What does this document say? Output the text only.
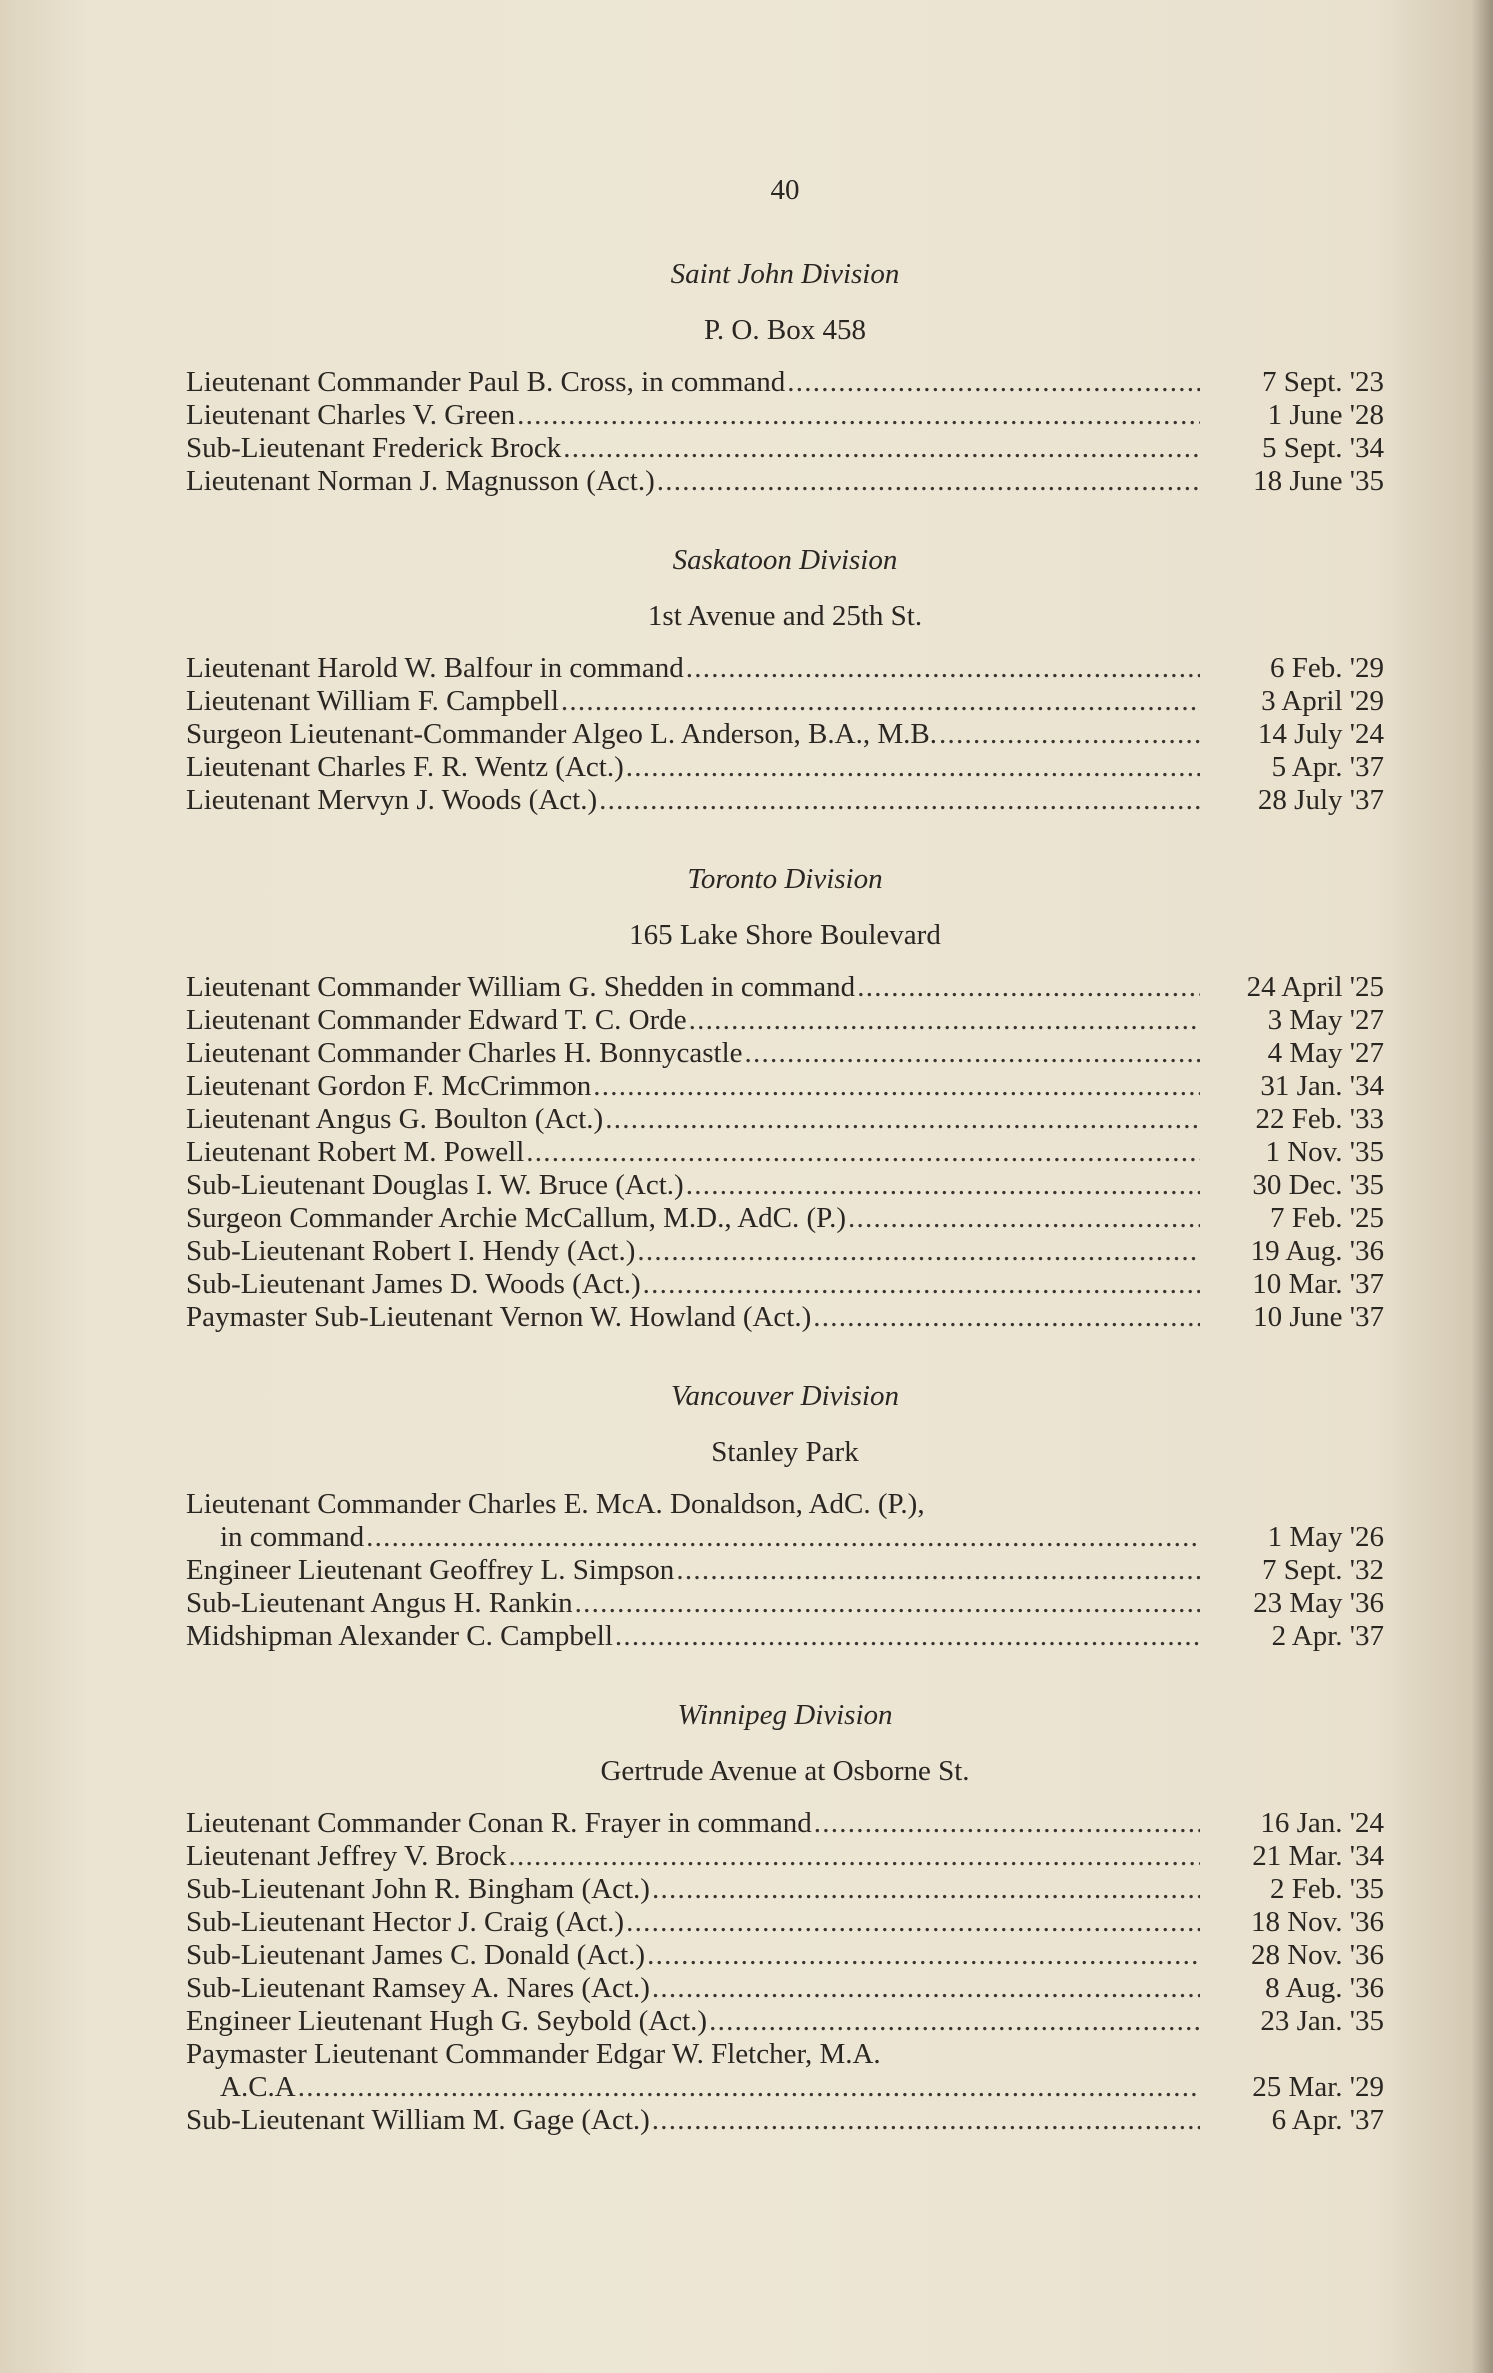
40
Saint John Division
P. O. Box 458
Lieutenant Commander Paul B. Cross, in command . . .	7 Sept. '23
Lieutenant Charles V. Green . . .	1 June '28
Sub-Lieutenant Frederick Brock . . .	5 Sept. '34
Lieutenant Norman J. Magnusson (Act.) . . .	18 June '35
Saskatoon Division
1st Avenue and 25th St.
Lieutenant Harold W. Balfour in command . . .	6 Feb. '29
Lieutenant William F. Campbell . . .	3 April '29
Surgeon Lieutenant-Commander Algeo L. Anderson, B.A., M.B. . . .	14 July '24
Lieutenant Charles F. R. Wentz (Act.) . . .	5 Apr. '37
Lieutenant Mervyn J. Woods (Act.) . . .	28 July '37
Toronto Division
165 Lake Shore Boulevard
Lieutenant Commander William G. Shedden in command . . .	24 April '25
Lieutenant Commander Edward T. C. Orde . . .	3 May '27
Lieutenant Commander Charles H. Bonnycastle . . .	4 May '27
Lieutenant Gordon F. McCrimmon . . .	31 Jan. '34
Lieutenant Angus G. Boulton (Act.) . . .	22 Feb. '33
Lieutenant Robert M. Powell . . .	1 Nov. '35
Sub-Lieutenant Douglas I. W. Bruce (Act.) . . .	30 Dec. '35
Surgeon Commander Archie McCallum, M.D., AdC. (P.) . . .	7 Feb. '25
Sub-Lieutenant Robert I. Hendy (Act.) . . .	19 Aug. '36
Sub-Lieutenant James D. Woods (Act.) . . .	10 Mar. '37
Paymaster Sub-Lieutenant Vernon W. Howland (Act.) . . .	10 June '37
Vancouver Division
Stanley Park
Lieutenant Commander Charles E. McA. Donaldson, AdC. (P.),
in command . . .	1 May '26
Engineer Lieutenant Geoffrey L. Simpson . . .	7 Sept. '32
Sub-Lieutenant Angus H. Rankin . . .	23 May '36
Midshipman Alexander C. Campbell . . .	2 Apr. '37
Winnipeg Division
Gertrude Avenue at Osborne St.
Lieutenant Commander Conan R. Frayer in command . . .	16 Jan. '24
Lieutenant Jeffrey V. Brock . . .	21 Mar. '34
Sub-Lieutenant John R. Bingham (Act.) . . .	2 Feb. '35
Sub-Lieutenant Hector J. Craig (Act.) . . .	18 Nov. '36
Sub-Lieutenant James C. Donald (Act.) . . .	28 Nov. '36
Sub-Lieutenant Ramsey A. Nares (Act.) . . .	8 Aug. '36
Engineer Lieutenant Hugh G. Seybold (Act.) . . .	23 Jan. '35
Paymaster Lieutenant Commander Edgar W. Fletcher, M.A.
A.C.A . . .	25 Mar. '29
Sub-Lieutenant William M. Gage (Act.) . . .	6 Apr. '37
